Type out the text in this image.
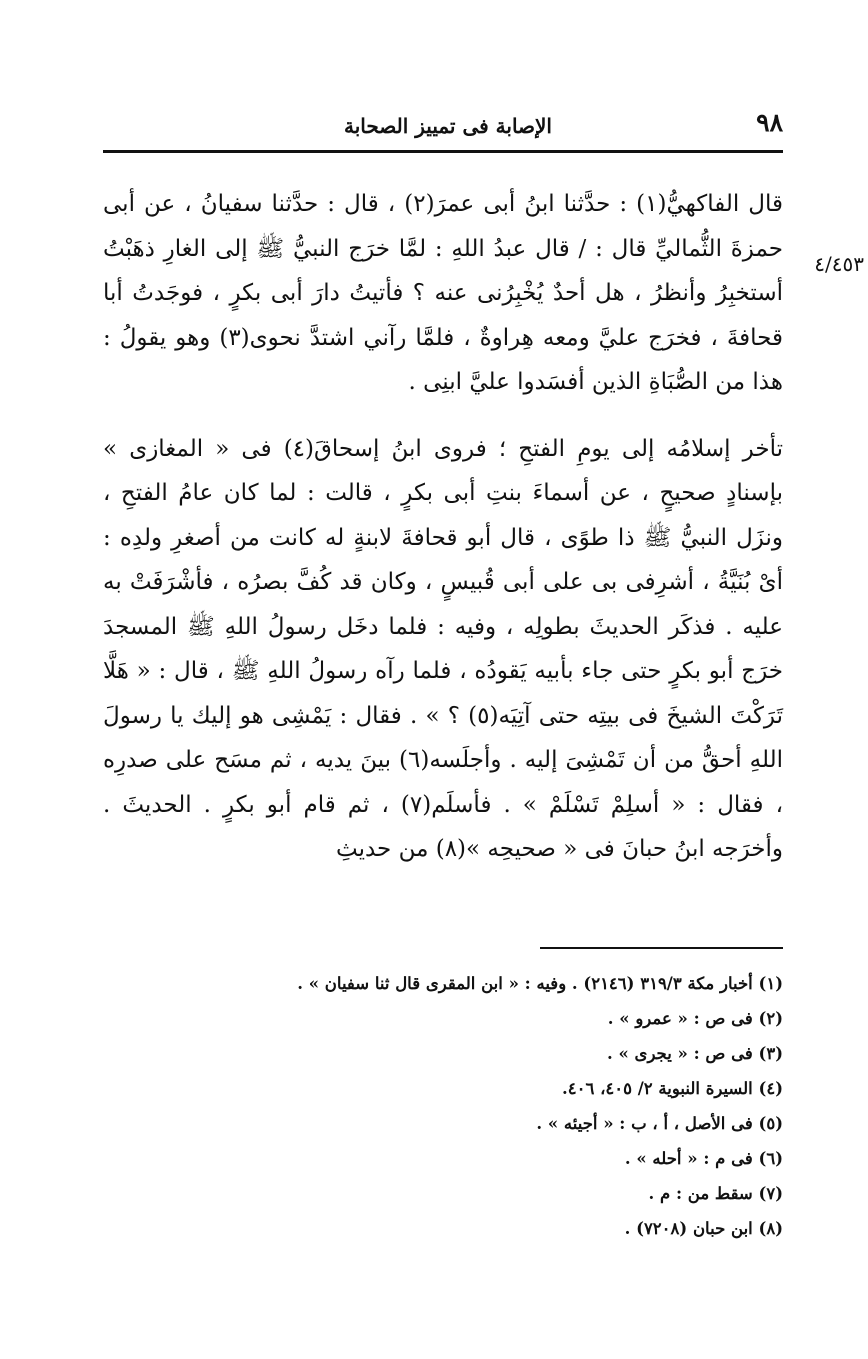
٩٨
الإصابة فى تمييز الصحابة
٤/٤٥٣

قال الفاكهيُّ(١) : حدَّثنا ابنُ أبى عمرَ(٢) ، قال : حدَّثنا سفيانُ ، عن أبى حمزةَ الثُّماليِّ قال : / قال عبدُ اللهِ : لمَّا خرَج النبيُّ ﷺ إلى الغارِ ذهَبْتُ أستخبِرُ وأنظرُ ، هل أحدٌ يُخْبِرُنى عنه ؟ فأتيتُ دارَ أبى بكرٍ ، فوجَدتُ أبا قحافةَ ، فخرَج عليَّ ومعه هِراوةٌ ، فلمَّا رآني اشتدَّ نحوى(٣) وهو يقولُ : هذا من الصُّبَاةِ الذين أفسَدوا عليَّ ابنِى .

تأخر إسلامُه إلى يومِ الفتحِ ؛ فروى ابنُ إسحاقَ(٤) فى « المغازى » بإسنادٍ صحيحٍ ، عن أسماءَ بنتِ أبى بكرٍ ، قالت : لما كان عامُ الفتحِ ، ونزَل النبيُّ ﷺ ذا طوًى ، قال أبو قحافةَ لابنةٍ له كانت من أصغرِ ولدِه : أىْ بُنَيَّةُ ، أشرِفى بى على أبى قُبيسٍ ، وكان قد كُفَّ بصرُه ، فأشْرَفَتْ به عليه . فذكَر الحديثَ بطولِه ، وفيه : فلما دخَل رسولُ اللهِ ﷺ المسجدَ خرَج أبو بكرٍ حتى جاء بأبيه يَقودُه ، فلما رآه رسولُ اللهِ ﷺ ، قال : « هَلَّا تَرَكْتَ الشيخَ فى بيتِه حتى آتِيَه(٥) ؟ » . فقال : يَمْشِى هو إليك يا رسولَ اللهِ أحقُّ من أن تَمْشِىَ إليه . وأجلَسه(٦) بينَ يديه ، ثم مسَح على صدرِه ، فقال : « أسلِمْ تَسْلَمْ » . فأسلَم(٧) ، ثم قام أبو بكرٍ . الحديثَ . وأخرَجه ابنُ حبانَ فى « صحيحِه »(٨) من حديثِ

(١) أخبار مكة ٣١٩/٣ (٢١٤٦) . وفيه : « ابن المقرى قال ثنا سفيان » .

(٢) فى ص : « عمرو » .

(٣) فى ص : « يجرى » .

(٤) السيرة النبوية ٢/ ٤٠٥، ٤٠٦.

(٥) فى الأصل ، أ ، ب : « أجيئه » .

(٦) فى م : « أحله » .

(٧) سقط من : م .

(٨) ابن حبان (٧٢٠٨) .
